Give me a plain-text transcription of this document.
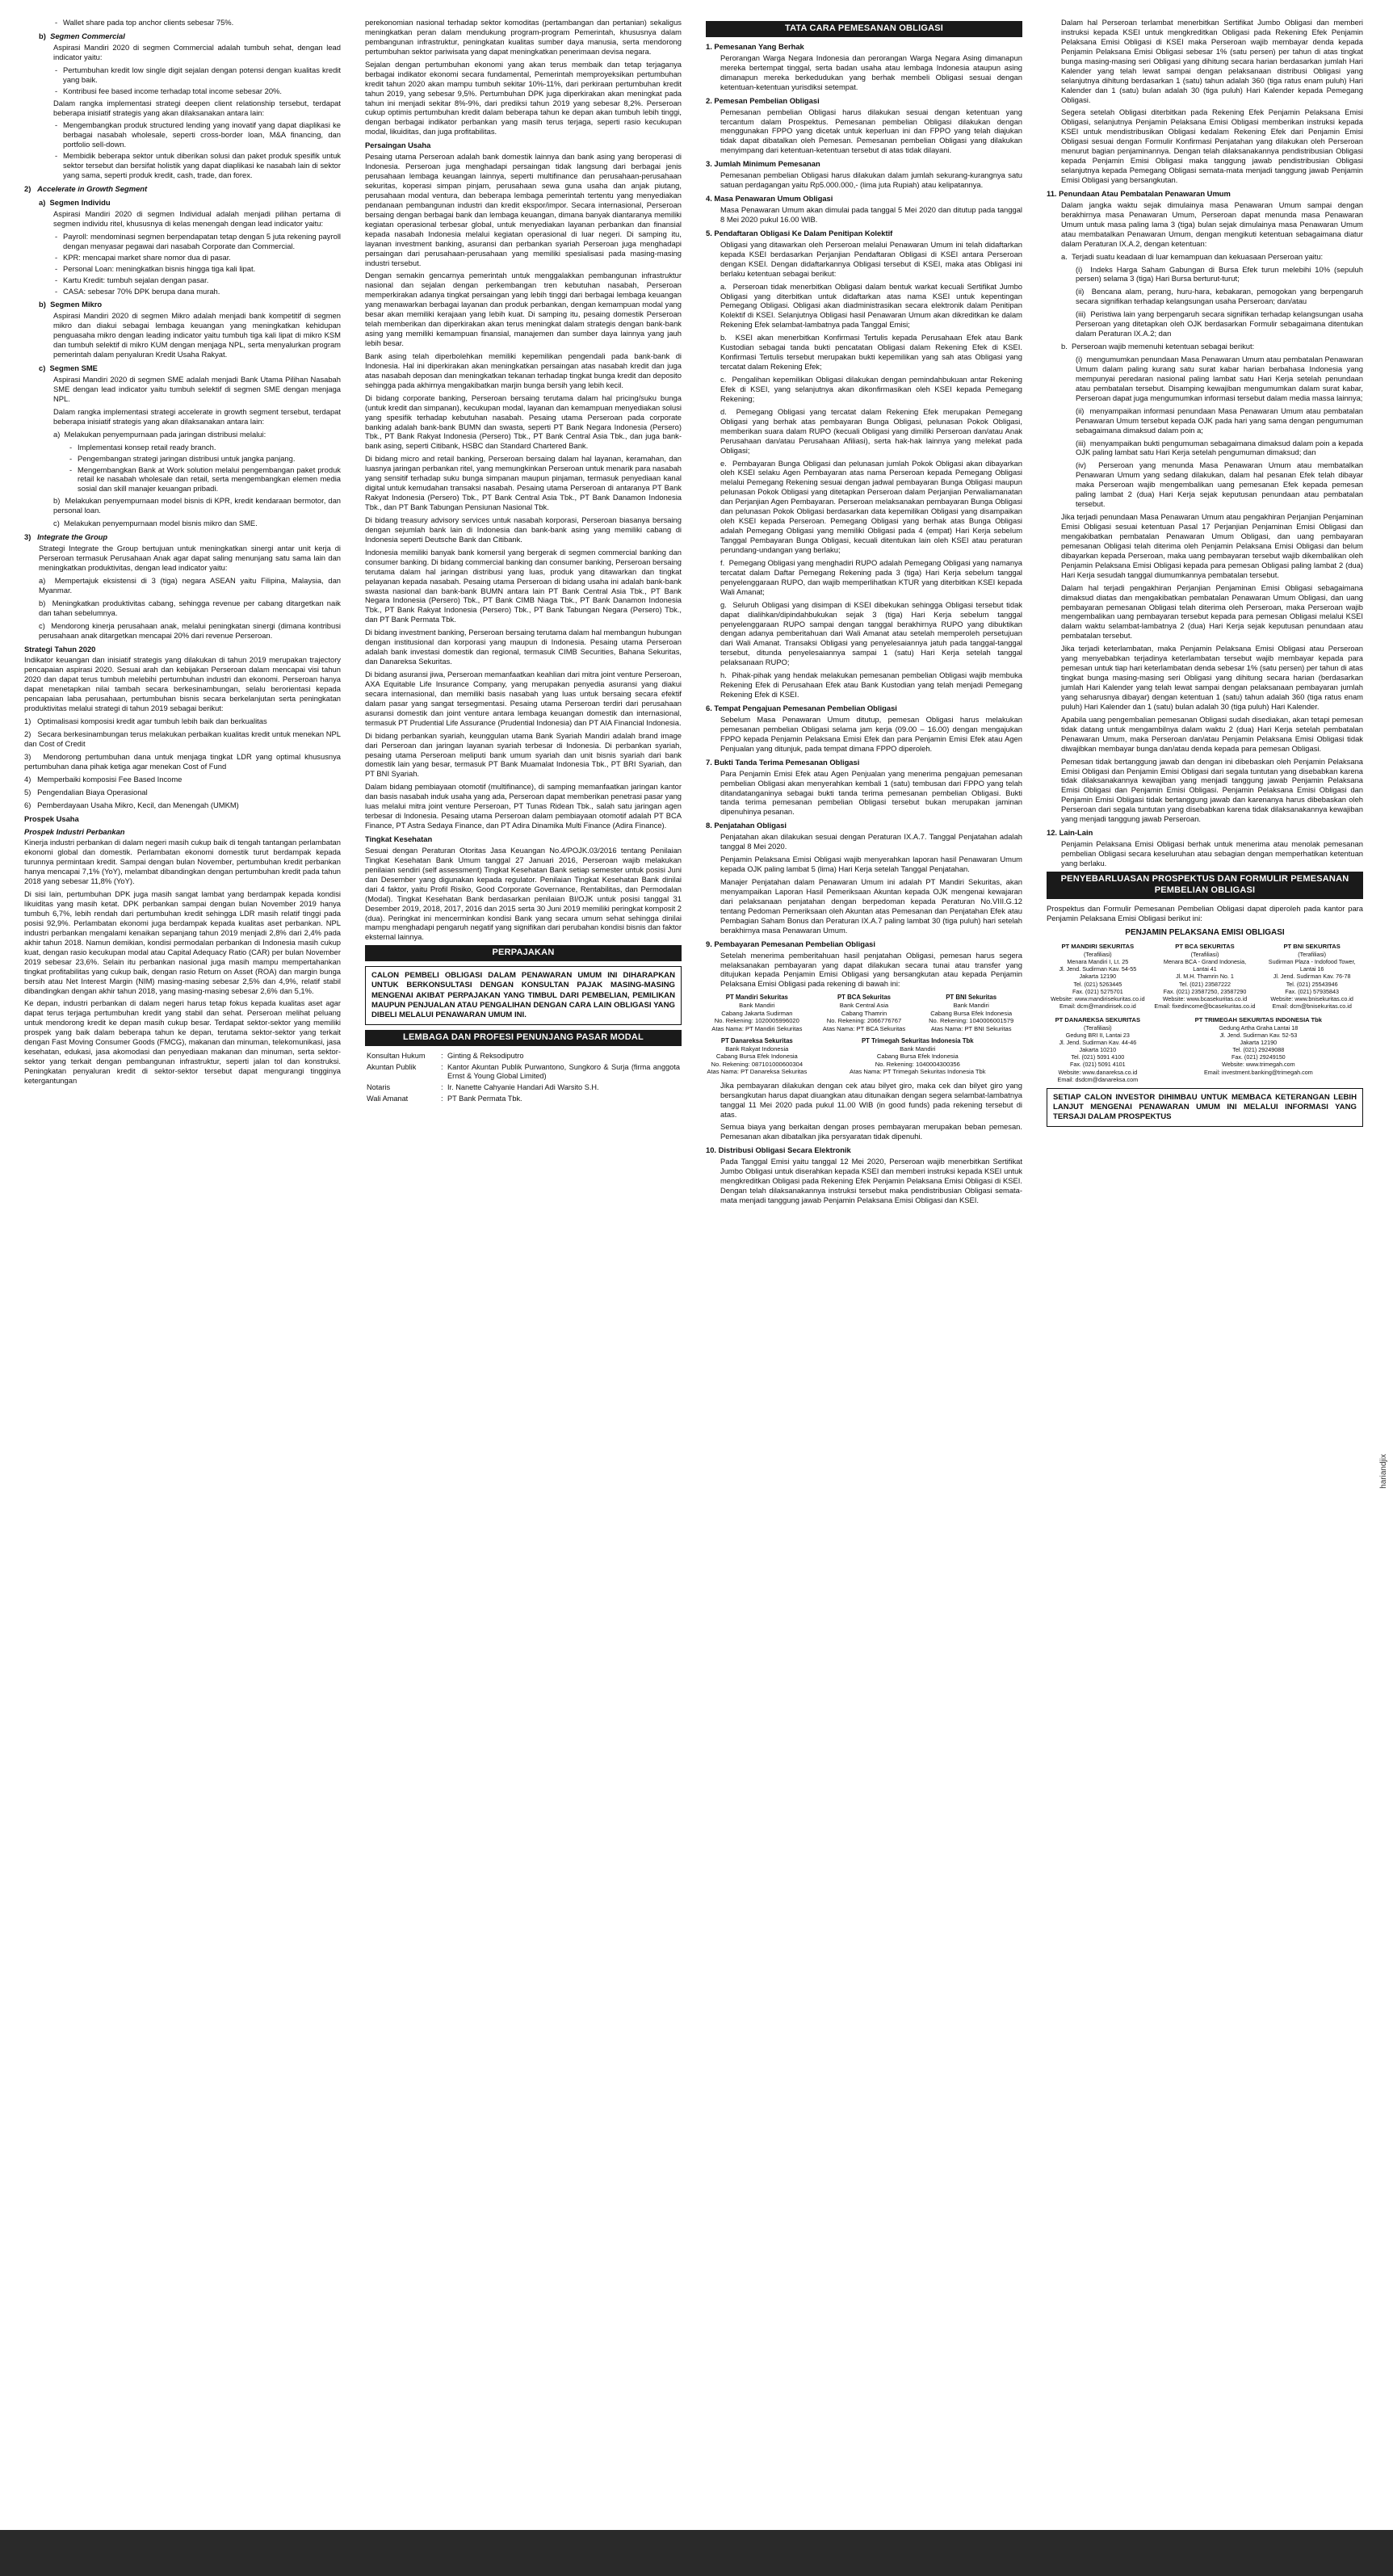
- Wallet share pada top anchor clients sebesar 75%.

b)  Segmen Commercial

Aspirasi Mandiri 2020 di segmen Commercial adalah tumbuh sehat, dengan lead indicator yaitu:

- Pertumbuhan kredit low single digit sejalan dengan potensi dengan kualitas kredit yang baik.
- Kontribusi fee based income terhadap total income sebesar 20%.

Dalam rangka implementasi strategi deepen client relationship tersebut, terdapat beberapa inisiatif strategis yang akan dilaksanakan antara lain:

- Mengembangkan produk structured lending yang inovatif yang dapat diaplikasi ke berbagai nasabah wholesale, seperti cross-border loan, M&A financing, dan portfolio sell-down.
- Membidik beberapa sektor untuk diberikan solusi dan paket produk spesifik untuk sektor tersebut dan bersifat holistik yang dapat diaplikasi ke nasabah lain di sektor yang sama, seperti produk kredit, cash, trade, dan forex.

2)   Accelerate in Growth Segment

a)  Segmen Individu

Aspirasi Mandiri 2020 di segmen Individual adalah menjadi pilihan pertama di segmen individu ritel, khususnya di kelas menengah dengan lead indicator yaitu:

- Payroll: mendominasi segmen berpendapatan tetap dengan 5 juta rekening payroll dengan menyasar pegawai dari nasabah Corporate dan Commercial.
- KPR: mencapai market share nomor dua di pasar.
- Personal Loan: meningkatkan bisnis hingga tiga kali lipat.
- Kartu Kredit: tumbuh sejalan dengan pasar.
- CASA: sebesar 70% DPK berupa dana murah.

b)  Segmen Mikro

Aspirasi Mandiri 2020 di segmen Mikro adalah menjadi bank kompetitif di segmen mikro dan diakui sebagai lembaga keuangan yang meningkatkan kehidupan penguasaha mikro dengan leading indicator yaitu tumbuh tiga kali lipat di mikro KSM dan tumbuh selektif di mikro KUM dengan menjaga NPL, serta menyalurkan program pemerintah dalam penyaluran Kredit Usaha Rakyat.

c)  Segmen SME

Aspirasi Mandiri 2020 di segmen SME adalah menjadi Bank Utama Pilihan Nasabah SME dengan lead indicator yaitu tumbuh selektif di segmen SME dengan menjaga NPL.

Dalam rangka implementasi strategi accelerate in growth segment tersebut, terdapat beberapa inisiatif strategis yang akan dilaksanakan antara lain:

a)  Melakukan penyempurnaan pada jaringan distribusi melalui:

- Implementasi konsep retail ready branch.
- Pengembangan strategi jaringan distribusi untuk jangka panjang.
- Mengembangkan Bank at Work solution melalui pengembangan paket produk retail ke nasabah wholesale dan retail, serta mengembangkan elemen media sosial dan skill manajer keuangan pribadi.

b)  Melakukan penyempurnaan model bisnis di KPR, kredit kendaraan bermotor, dan personal loan.

c)  Melakukan penyempurnaan model bisnis mikro dan SME.

3)   Integrate the Group

Strategi Integrate the Group bertujuan untuk meningkatkan sinergi antar unit kerja di Perseroan termasuk Perusahaan Anak agar dapat saling menunjang satu sama lain dan meningkatkan produktivitas, dengan lead indicator yaitu:

a)  Mempertajuk eksistensi di 3 (tiga) negara ASEAN yaitu Filipina, Malaysia, dan Myanmar.

b)  Meningkatkan produktivitas cabang, sehingga revenue per cabang ditargetkan naik dan tahan sebelumnya.

c)  Mendorong kinerja perusahaan anak, melalui peningkatan sinergi (dimana kontribusi perusahaan anak ditargetkan mencapai 20% dari revenue Perseroan.

Strategi Tahun 2020

Indikator keuangan dan inisiatif strategis yang dilakukan di tahun 2019 merupakan trajectory pencapaian aspirasi 2020. Sesuai arah dan kebijakan Perseroan dalam mencapai visi tahun 2020 dan dapat terus tumbuh melebihi pertumbuhan industri dan ekonomi. Perseroan hanya dapat menetapkan nilai tambah secara berkesinambungan, selalu berorientasi kepada pencapaian laba perusahaan, pertumbuhan bisnis secara berkelanjutan serta peningkatan produktivitas melalui strategi di tahun 2019 sebagai berikut:

1)   Optimalisasi komposisi kredit agar tumbuh lebih baik dan berkualitas

2)   Secara berkesinambungan terus melakukan perbaikan kualitas kredit untuk menekan NPL dan Cost of Credit

3)   Mendorong pertumbuhan dana untuk menjaga tingkat LDR yang optimal khususnya pertumbuhan dana pihak ketiga agar menekan Cost of Fund

4)   Memperbaiki komposisi Fee Based Income

5)   Pengendalian Biaya Operasional

6)   Pemberdayaan Usaha Mikro, Kecil, dan Menengah (UMKM)

Prospek Usaha

Prospek Industri Perbankan

Kinerja industri perbankan di dalam negeri masih cukup baik di tengah tantangan perlambatan ekonomi global dan domestik. Perlambatan ekonomi domestik turut berdampak kepada turunnya permintaan kredit. Sampai dengan bulan November, pertumbuhan kredit perbankan hanya mencapai 7,1% (YoY), melambat dibandingkan dengan pertumbuhan kredit pada tahun 2018 yang sebesar 11,8% (YoY).

Di sisi lain, pertumbuhan DPK juga masih sangat lambat yang berdampak kepada kondisi likuiditas yang masih ketat. DPK perbankan sampai dengan bulan November 2019 hanya tumbuh 6,7%, lebih rendah dari pertumbuhan kredit sehingga LDR masih relatif tinggi pada posisi 92,9%. Perlambatan ekonomi juga berdampak kepada kualitas aset perbankan. NPL industri perbankan mengalami kenaikan sepanjang tahun 2019 menjadi 2,8% dari 2,4% pada akhir tahun 2018. Namun demikian, kondisi permodalan perbankan di Indonesia masih cukup kuat, dengan rasio kecukupan modal atau Capital Adequacy Ratio (CAR) per bulan November 2019 sebesar 23,6%. Selain itu perbankan nasional juga masih mampu mempertahankan tingkat profitabilitas yang cukup baik, dengan rasio Return on Asset (ROA) dan margin bunga bersih atau Net Interest Margin (NIM) masing-masing sebesar 2,5% dan 4,9%, relatif stabil dibandingkan dengan akhir tahun 2018, yang masing-masing sebesar 2,6% dan 5,1%.

Ke depan, industri perbankan di dalam negeri harus tetap fokus kepada kualitas aset agar dapat terus terjaga pertumbuhan kredit yang stabil dan sehat. Perseroan melihat peluang untuk mendorong kredit ke depan masih cukup besar. Terdapat sektor-sektor yang memiliki prospek yang baik dalam beberapa tahun ke depan, terutama sektor-sektor yang terkait dengan Fast Moving Consumer Goods (FMCG), makanan dan minuman, telekomunikasi, jasa kesehatan, edukasi, jasa akomodasi dan penyediaan makanan dan minuman, serta sektor-sektor yang terkait dengan pembangunan infrastruktur, seperti jalan tol dan konstruksi. Peningkatan penyaluran kredit di sektor-sektor tersebut dapat mengurangi tingginya ketergantungan

perekonomian nasional terhadap sektor komoditas (pertambangan dan pertanian) sekaligus meningkatkan peran dalam mendukung program-program Pemerintah, khususnya dalam pembangunan infrastruktur, peningkatan kualitas sumber daya manusia, serta mendorong pertumbuhan sektor pariwisata yang dapat meningkatkan penerimaan devisa negara.

Sejalan dengan pertumbuhan ekonomi yang akan terus membaik dan tetap terjaganya berbagai indikator ekonomi secara fundamental, Pemerintah memproyeksikan pertumbuhan kredit tahun 2020 akan mampu tumbuh sekitar 10%-11%, dari perkiraan pertumbuhan kredit tahun 2019, yang sebesar 9,5%. Pertumbuhan DPK juga diperkirakan akan meningkat pada tahun ini menjadi sekitar 8%-9%, dari prediksi tahun 2019 yang sebesar 8,2%. Perseroan cukup optimis pertumbuhan kredit dalam beberapa tahun ke depan akan tumbuh lebih tinggi, dengan berbagai indikator perbankan yang masih terus terjaga, seperti rasio kecukupan modal, likuiditas, dan juga profitabilitas.

Persaingan Usaha

Pesaing utama Perseroan adalah bank domestik lainnya dan bank asing yang beroperasi di Indonesia. Perseroan juga menghadapi persaingan tidak langsung dari berbagai jenis perusahaan lembaga keuangan lainnya, seperti multifinance dan perusahaan-perusahaan sekuritas, koperasi simpan pinjam, perusahaan sewa guna usaha dan anjak piutang, perusahaan modal ventura, dan beberapa lembaga pemerintah tertentu yang menyediakan pendanaan pembangunan industri dan kredit ekspor/impor. Secara internasional, Perseroan bersaing dengan berbagai bank dan lembaga keuangan, dimana banyak diantaranya memiliki kegiatan operasional terbesar global, untuk menyediakan layanan perbankan dan finansial kepada nasabah Indonesia melalui kegiatan operasional di luar negeri. Di samping itu, layanan investment banking, asuransi dan perbankan syariah Perseroan juga menghadapi persaingan dari perusahaan-perusahaan yang memiliki spesialisasi pada masing-masing industri tersebut.

Dengan semakin gencarnya pemerintah untuk menggalakkan pembangunan infrastruktur nasional dan sejalan dengan perkembangan tren kebutuhan nasabah, Perseroan memperkirakan adanya tingkat persaingan yang lebih tinggi dari berbagai lembaga keuangan yang menawarkan berbagai layanan dan produk perbankan, dengan kemampuan modal yang besar akan memiliki kerajaan yang lebih kuat. Di samping itu, pesaing domestik Perseroan telah memberikan dan diperkirakan akan terus meningkat dalam strategis dengan bank-bank asing yang memiliki kemampuan finansial, manajemen dan sumber daya lainnya yang jauh lebih besar.

Bank asing telah diperbolehkan memiliki kepemilikan pengendali pada bank-bank di Indonesia. Hal ini diperkirakan akan meningkatkan persaingan atas nasabah kredit dan juga atas nasabah deposan dan meningkatkan tekanan terhadap tingkat bunga kredit dan deposito sehingga pada akhirnya mengakibatkan marjin bunga bersih yang lebih kecil.

Di bidang corporate banking, Perseroan bersaing terutama dalam hal pricing/suku bunga (untuk kredit dan simpanan), kecukupan modal, layanan dan kemampuan menyediakan solusi yang spesifik terhadap kebutuhan nasabah. Pesaing utama Perseroan pada corporate banking adalah bank-bank BUMN dan swasta, seperti PT Bank Negara Indonesia (Persero) Tbk., PT Bank Rakyat Indonesia (Persero) Tbk., PT Bank Central Asia Tbk., dan juga bank-bank asing, seperti Citibank, HSBC dan Standard Chartered Bank.

Di bidang micro and retail banking, Perseroan bersaing dalam hal layanan, keramahan, dan luasnya jaringan perbankan ritel, yang memungkinkan Perseroan untuk menarik para nasabah yang sensitif terhadap suku bunga simpanan maupun pinjaman, termasuk penyediaan kanal digital untuk kemudahan transaksi nasabah. Pesaing utama Perseroan di antaranya PT Bank Rakyat Indonesia (Persero) Tbk., PT Bank Central Asia Tbk., PT Bank Danamon Indonesia Tbk., dan PT Bank Tabungan Pensiunan Nasional Tbk.

Di bidang treasury advisory services untuk nasabah korporasi, Perseroan biasanya bersaing dengan sejumlah bank lain di Indonesia dan bank-bank asing yang memiliki cabang di Indonesia seperti Deutsche Bank dan Citibank.

Indonesia memiliki banyak bank komersil yang bergerak di segmen commercial banking dan consumer banking. Di bidang commercial banking dan consumer banking, Perseroan bersaing terutama dalam hal jaringan distribusi yang luas, produk yang ditawarkan dan tingkat pelayanan kepada nasabah. Pesaing utama Perseroan di bidang usaha ini adalah bank-bank swasta nasional dan bank-bank BUMN antara lain PT Bank Central Asia Tbk., PT Bank Negara Indonesia (Persero) Tbk., PT Bank CIMB Niaga Tbk., PT Bank Danamon Indonesia Tbk., PT Bank Rakyat Indonesia (Persero) Tbk., PT Bank Tabungan Negara (Persero) Tbk., dan PT Bank Permata Tbk.

Di bidang investment banking, Perseroan bersaing terutama dalam hal membangun hubungan dengan institusional dan korporasi yang maupun di Indonesia. Pesaing utama Perseroan adalah bank investasi domestik dan regional, termasuk CIMB Securities, Bahana Sekuritas, dan Danareksa Sekuritas.

Di bidang asuransi jiwa, Perseroan memanfaatkan keahlian dari mitra joint venture Perseroan, AXA Equitable Life Insurance Company, yang merupakan penyedia asuransi yang diakui secara internasional, dan memiliki basis nasabah yang luas untuk bersaing secara efektif dalam pasar yang sangat tersegmentasi. Pesaing utama Perseroan terdiri dari perusahaan asuransi domestik dan joint venture antara lembaga keuangan domestik dan internasional, termasuk PT Prudential Life Assurance (Prudential Indonesia) dan PT AIA Financial Indonesia.

Di bidang perbankan syariah, keunggulan utama Bank Syariah Mandiri adalah brand image dari Perseroan dan jaringan layanan syariah terbesar di Indonesia. Di perbankan syariah, pesaing utama Perseroan meliputi bank umum syariah dan unit bisnis syariah dari bank domestik lain yang besar, termasuk PT Bank Muamalat Indonesia Tbk., PT BRI Syariah, dan PT BNI Syariah.

Dalam bidang pembiayaan otomotif (multifinance), di samping memanfaatkan jaringan kantor dan basis nasabah induk usaha yang ada, Perseroan dapat memberikan penetrasi pasar yang luas melalui mitra joint venture Perseroan, PT Tunas Ridean Tbk., salah satu jaringan agen terbesar di Indonesia. Pesaing utama Perseroan dalam pembiayaan otomotif adalah PT BCA Finance, PT Astra Sedaya Finance, dan PT Adira Dinamika Multi Finance (Adira Finance).

Tingkat Kesehatan

Sesuai dengan Peraturan Otoritas Jasa Keuangan No.4/POJK.03/2016 tentang Penilaian Tingkat Kesehatan Bank Umum tanggal 27 Januari 2016, Perseroan wajib melakukan penilaian sendiri (self assessment) Tingkat Kesehatan Bank setiap semester untuk posisi Juni dan Desember yang digunakan kepada regulator. Penilaian Tingkat Kesehatan Bank dinilai dari 4 faktor, yaitu Profil Risiko, Good Corporate Governance, Rentabilitas, dan Permodalan (Modal). Tingkat Kesehatan Bank berdasarkan penilaian BI/OJK untuk posisi tanggal 31 Desember 2019, 2018, 2017, 2016 dan 2015 serta 30 Juni 2019 memiliki peringkat komposit 2 (dua). Peringkat ini mencerminkan kondisi Bank yang secara umum sehat sehingga dinilai mampu menghadapi pengaruh negatif yang signifikan dari perubahan kondisi bisnis dan faktor eksternal lainnya.

PERPAJAKAN
CALON PEMBELI OBLIGASI DALAM PENAWARAN UMUM INI DIHARAPKAN UNTUK BERKONSULTASI DENGAN KONSULTAN PAJAK MASING-MASING MENGENAI AKIBAT PERPAJAKAN YANG TIMBUL DARI PEMBELIAN, PEMILIKAN MAUPUN PENJUALAN ATAU PENGALIHAN DENGAN CARA LAIN OBLIGASI YANG DIBELI MELALUI PENAWARAN UMUM INI.
LEMBAGA DAN PROFESI PENUNJANG PASAR MODAL
Konsultan Hukum	:	Ginting & Reksodiputro
Akuntan Publik	:	Kantor Akuntan Publik Purwantono, Sungkoro & Surja (firma anggota Ernst & Young Global Limited)
Notaris	:	Ir. Nanette Cahyanie Handari Adi Warsito S.H.
Wali Amanat	:	PT Bank Permata Tbk.
TATA CARA PEMESANAN OBLIGASI

1. Pemesanan Yang Berhak

Perorangan Warga Negara Indonesia dan perorangan Warga Negara Asing dimanapun mereka bertempat tinggal, serta badan usaha atau lembaga Indonesia ataupun asing dimanapun mereka berkedudukan yang berhak membeli Obligasi sesuai dengan ketentuan-ketentuan yurisdiksi setempat.

2. Pemesan Pembelian Obligasi

Pemesanan pembelian Obligasi harus dilakukan sesuai dengan ketentuan yang tercantum dalam Prospektus. Pemesanan pembelian Obligasi dilakukan dengan menggunakan FPPO yang dicetak untuk keperluan ini dan FPPO yang telah diajukan tidak dapat dibatalkan oleh Pemesan. Pemesanan pembelian Obligasi yang dilakukan menyimpang dari ketentuan-ketentuan tersebut di atas tidak dilayani.

3. Jumlah Minimum Pemesanan

Pemesanan pembelian Obligasi harus dilakukan dalam jumlah sekurang-kurangnya satu satuan perdagangan yaitu Rp5.000.000,- (lima juta Rupiah) atau kelipatannya.

4. Masa Penawaran Umum Obligasi

Masa Penawaran Umum akan dimulai pada tanggal 5 Mei 2020 dan ditutup pada tanggal 8 Mei 2020 pukul 16.00 WIB.

5. Pendaftaran Obligasi Ke Dalam Penitipan Kolektif

Obligasi yang ditawarkan oleh Perseroan melalui Penawaran Umum ini telah didaftarkan kepada KSEI berdasarkan Perjanjian Pendaftaran Obligasi di KSEI antara Perseroan dengan KSEI. Dengan didaftarkannya Obligasi tersebut di KSEI, maka atas Obligasi ini berlaku ketentuan sebagai berikut:

a.  Perseroan tidak menerbitkan Obligasi dalam bentuk warkat kecuali Sertifikat Jumbo Obligasi yang diterbitkan untuk didaftarkan atas nama KSEI untuk kepentingan Pemegang Obligasi. Obligasi akan diadministrasikan secara elektronik dalam Penitipan Kolektif di KSEI. Selanjutnya Obligasi hasil Penawaran Umum akan dikreditkan ke dalam Rekening Efek selambat-lambatnya pada Tanggal Emisi;

b.  KSEI akan menerbitkan Konfirmasi Tertulis kepada Perusahaan Efek atau Bank Kustodian sebagai tanda bukti pencatatan Obligasi dalam Rekening Efek di KSEI. Konfirmasi Tertulis tersebut merupakan bukti kepemilikan yang sah atas Obligasi yang tercatat dalam Rekening Efek;

c.  Pengalihan kepemilikan Obligasi dilakukan dengan pemindahbukuan antar Rekening Efek di KSEI, yang selanjutnya akan dikonfirmasikan oleh KSEI kepada Pemegang Rekening;

d.  Pemegang Obligasi yang tercatat dalam Rekening Efek merupakan Pemegang Obligasi yang berhak atas pembayaran Bunga Obligasi, pelunasan Pokok Obligasi, memberikan suara dalam RUPO (kecuali Obligasi yang dimiliki Perseroan dan/atau Anak Perusahaan dan/atau Perusahaan Afiliasi), serta hak-hak lainnya yang melekat pada Obligasi;

e.  Pembayaran Bunga Obligasi dan pelunasan jumlah Pokok Obligasi akan dibayarkan oleh KSEI selaku Agen Pembayaran atas nama Perseroan kepada Pemegang Obligasi melalui Pemegang Rekening sesuai dengan jadwal pembayaran Bunga Obligasi maupun pelunasan Pokok Obligasi yang ditetapkan Perseroan dalam Perjanjian Perwaliamanatan dan Perjanjian Agen Pembayaran. Perseroan melaksanakan pembayaran Bunga Obligasi dan pelunasan Pokok Obligasi berdasarkan data kepemilikan Obligasi yang disampaikan oleh KSEI kepada Perseroan. Pemegang Obligasi yang berhak atas Bunga Obligasi adalah Pemegang Obligasi yang memiliki Obligasi pada 4 (empat) Hari Kerja sebelum Tanggal Pembayaran Bunga Obligasi, kecuali ditentukan lain oleh KSEI atau peraturan perundang-undangan yang berlaku;

f.  Pemegang Obligasi yang menghadiri RUPO adalah Pemegang Obligasi yang namanya tercatat dalam Daftar Pemegang Rekening pada 3 (tiga) Hari Kerja sebelum tanggal penyelenggaraan RUPO, dan wajib memperlihatkan KTUR yang diterbitkan KSEI kepada Wali Amanat;

g.  Seluruh Obligasi yang disimpan di KSEI dibekukan sehingga Obligasi tersebut tidak dapat dialihkan/dipindahbukukan sejak 3 (tiga) Hari Kerja sebelum tanggal penyelenggaraan RUPO sampai dengan tanggal berakhirnya RUPO yang dibuktikan dengan adanya pemberitahuan dari Wali Amanat atau setelah memperoleh persetujuan dari Wali Amanat. Transaksi Obligasi yang penyelesaiannya jatuh pada tanggal-tanggal tersebut, ditunda penyelesaiannya sampai 1 (satu) Hari Kerja setelah tanggal pelaksanaan RUPO;

h.  Pihak-pihak yang hendak melakukan pemesanan pembelian Obligasi wajib membuka Rekening Efek di Perusahaan Efek atau Bank Kustodian yang telah menjadi Pemegang Rekening Efek di KSEI.

6. Tempat Pengajuan Pemesanan Pembelian Obligasi

Sebelum Masa Penawaran Umum ditutup, pemesan Obligasi harus melakukan pemesanan pembelian Obligasi selama jam kerja (09.00 – 16.00) dengan mengajukan FPPO kepada Penjamin Pelaksana Emisi Efek dan para Penjamin Emisi Efek atau Agen Penjualan yang ditunjuk, pada tempat dimana FPPO diperoleh.

7. Bukti Tanda Terima Pemesanan Obligasi

Para Penjamin Emisi Efek atau Agen Penjualan yang menerima pengajuan pemesanan pembelian Obligasi akan menyerahkan kembali 1 (satu) tembusan dari FPPO yang telah ditandatanganinya sebagai bukti tanda terima pemesanan pembelian Obligasi. Bukti tanda terima pemesanan pembelian Obligasi tersebut bukan merupakan jaminan dipenuhinya pesanan.

8. Penjatahan Obligasi

Penjatahan akan dilakukan sesuai dengan Peraturan IX.A.7. Tanggal Penjatahan adalah tanggal 8 Mei 2020.

Penjamin Pelaksana Emisi Obligasi wajib menyerahkan laporan hasil Penawaran Umum kepada OJK paling lambat 5 (lima) Hari Kerja setelah Tanggal Penjatahan.

Manajer Penjatahan dalam Penawaran Umum ini adalah PT Mandiri Sekuritas, akan menyampaikan Laporan Hasil Pemeriksaan Akuntan kepada OJK mengenai kewajaran dari pelaksanaan penjatahan dengan berpedoman kepada Peraturan No.VIII.G.12 tentang Pedoman Pemeriksaan oleh Akuntan atas Pemesanan dan Penjatahan Efek atau Pembagian Saham Bonus dan Peraturan IX.A.7 paling lambat 30 (tiga puluh) hari setelah berakhirnya masa Penawaran Umum.

9. Pembayaran Pemesanan Pembelian Obligasi

Setelah menerima pemberitahuan hasil penjatahan Obligasi, pemesan harus segera melaksanakan pembayaran yang dapat dilakukan secara tunai atau transfer yang ditujukan kepada Penjamin Emisi Obligasi yang bersangkutan atau kepada Penjamin Pelaksana Emisi Obligasi pada rekening di bawah ini:

PT Mandiri Sekuritas
Bank Mandiri
Cabang Jakarta Sudirman
No. Rekening: 1020005996020
Atas Nama: PT Mandiri Sekuritas
PT BCA Sekuritas
Bank Central Asia
Cabang Thamrin
No. Rekening: 2066776767
Atas Nama: PT BCA Sekuritas
PT BNI Sekuritas
Bank Mandiri
Cabang Bursa Efek Indonesia
No. Rekening: 1040006001579
Atas Nama: PT BNI Sekuritas
PT Danareksa Sekuritas
Bank Rakyat Indonesia
Cabang Bursa Efek Indonesia
No. Rekening: 087101000600304
Atas Nama: PT Danareksa Sekuritas
PT Trimegah Sekuritas Indonesia Tbk
Bank Mandiri
Cabang Bursa Efek Indonesia
No. Rekening: 1040004300356
Atas Nama: PT Trimegah Sekuritas Indonesia Tbk

Jika pembayaran dilakukan dengan cek atau bilyet giro, maka cek dan bilyet giro yang bersangkutan harus dapat diuangkan atau ditunaikan dengan segera selambat-lambatnya tanggal 11 Mei 2020 pada pukul 11.00 WIB (in good funds) pada rekening tersebut di atas.

Semua biaya yang berkaitan dengan proses pembayaran merupakan beban pemesan. Pemesanan akan dibatalkan jika persyaratan tidak dipenuhi.

10. Distribusi Obligasi Secara Elektronik

Pada Tanggal Emisi yaitu tanggal 12 Mei 2020, Perseroan wajib menerbitkan Sertifikat Jumbo Obligasi untuk diserahkan kepada KSEI dan memberi instruksi kepada KSEI untuk mengkreditkan Obligasi pada Rekening Efek Penjamin Pelaksana Emisi Obligasi di KSEI. Dengan telah dilaksanakannya instruksi tersebut maka pendistribusian Obligasi semata-mata menjadi tanggung jawab Penjamin Pelaksana Emisi Obligasi dan KSEI.

Dalam hal Perseroan terlambat menerbitkan Sertifikat Jumbo Obligasi dan memberi instruksi kepada KSEI untuk mengkreditkan Obligasi pada Rekening Efek Penjamin Pelaksana Emisi Obligasi di KSEI maka Perseroan wajib membayar denda kepada Penjamin Pelaksana Emisi Obligasi sebesar 1% (satu persen) per tahun di atas tingkat bunga masing-masing seri Obligasi yang dihitung secara harian berdasarkan jumlah Hari Kalender yang telah lewat sampai dengan pelaksanaan distribusi Obligasi yang selanjutnya dihitung berdasarkan 1 (satu) tahun adalah 360 (tiga ratus enam puluh) Hari Kalender dan 1 (satu) bulan adalah 30 (tiga puluh) Hari Kalender kepada Pemegang Obligasi.

Segera setelah Obligasi diterbitkan pada Rekening Efek Penjamin Pelaksana Emisi Obligasi, selanjutnya Penjamin Pelaksana Emisi Obligasi memberikan instruksi kepada KSEI untuk mendistribusikan Obligasi kedalam Rekening Efek dari Penjamin Emisi Obligasi sesuai dengan Formulir Konfirmasi Penjatahan yang dilakukan oleh Perseroan menurut bagian penjaminannya. Dengan telah dilaksanakannya pendistribusian Obligasi kepada Penjamin Emisi Obligasi maka tanggung jawab pendistribusian Obligasi selanjutnya kepada Pemegang Obligasi semata-mata menjadi tanggung jawab Penjamin Emisi Obligasi yang bersangkutan.

11. Penundaan Atau Pembatalan Penawaran Umum

Dalam jangka waktu sejak dimulainya masa Penawaran Umum sampai dengan berakhirnya masa Penawaran Umum, Perseroan dapat menunda masa Penawaran Umum untuk masa paling lama 3 (tiga) bulan sejak dimulainya masa Penawaran Umum atau membatalkan Penawaran Umum, dengan mengikuti ketentuan sebagaimana diatur dalam Peraturan IX.A.2, dengan ketentuan:

a.  Terjadi suatu keadaan di luar kemampuan dan kekuasaan Perseroan yaitu:

(i)  Indeks Harga Saham Gabungan di Bursa Efek turun melebihi 10% (sepuluh persen) selama 3 (tiga) Hari Bursa berturut-turut;

(ii)  Bencana alam, perang, huru-hara, kebakaran, pemogokan yang berpengaruh secara signifikan terhadap kelangsungan usaha Perseroan; dan/atau

(iii)  Peristiwa lain yang berpengaruh secara signifikan terhadap kelangsungan usaha Perseroan yang ditetapkan oleh OJK berdasarkan Formulir sebagaimana ditentukan dalam Peraturan IX.A.2; dan

b.  Perseroan wajib memenuhi ketentuan sebagai berikut:

(i)  mengumumkan penundaan Masa Penawaran Umum atau pembatalan Penawaran Umum dalam paling kurang satu surat kabar harian berbahasa Indonesia yang mempunyai peredaran nasional paling lambat satu Hari Kerja setelah penundaan atau pembatalan tersebut. Disamping kewajiban mengumumkan dalam surat kabar, Perseroan dapat juga mengumumkan informasi tersebut dalam media massa lainnya;

(ii)  menyampaikan informasi penundaan Masa Penawaran Umum atau pembatalan Penawaran Umum tersebut kepada OJK pada hari yang sama dengan pengumuman sebagaimana dimaksud dalam poin a;

(iii)  menyampaikan bukti pengumuman sebagaimana dimaksud dalam poin a kepada OJK paling lambat satu Hari Kerja setelah pengumuman dimaksud; dan

(iv)  Perseroan yang menunda Masa Penawaran Umum atau membatalkan Penawaran Umum yang sedang dilakukan, dalam hal pesanan Efek telah dibayar maka Perseroan wajib mengembalikan uang pemesanan Efek kepada pemesan paling lambat 2 (dua) Hari Kerja sejak keputusan penundaan atau pembatalan tersebut.

Jika terjadi penundaan Masa Penawaran Umum atau pengakhiran Perjanjian Penjaminan Emisi Obligasi sesuai ketentuan Pasal 17 Perjanjian Penjaminan Emisi Obligasi dan mengakibatkan pembatalan Penawaran Umum Obligasi, dan uang pembayaran pemesanan Obligasi telah diterima oleh Penjamin Pelaksana Emisi Obligasi dan belum dibayarkan kepada Perseroan, maka uang pembayaran tersebut wajib dikembalikan oleh Penjamin Pelaksana Emisi Obligasi kepada para pemesan Obligasi paling lambat 2 (dua) Hari Kerja sesudah tanggal diumumkannya pembatalan tersebut.

Dalam hal terjadi pengakhiran Perjanjian Penjaminan Emisi Obligasi sebagaimana dimaksud diatas dan mengakibatkan pembatalan Penawaran Umum Obligasi, dan uang pembayaran pemesanan Obligasi telah diterima oleh Perseroan, maka Perseroan wajib mengembalikan uang pembayaran tersebut kepada para pemesan Obligasi melalui KSEI dalam waktu selambat-lambatnya 2 (dua) Hari Kerja sejak keputusan penundaan atau pembatalan tersebut.

Jika terjadi keterlambatan, maka Penjamin Pelaksana Emisi Obligasi atau Perseroan yang menyebabkan terjadinya keterlambatan tersebut wajib membayar kepada para pemesan untuk tiap hari keterlambatan denda sebesar 1% (satu persen) per tahun di atas tingkat bunga masing-masing seri Obligasi yang dihitung secara harian (berdasarkan jumlah Hari Kalender yang telah lewat sampai dengan pelaksanaan pembayaran jumlah yang seharusnya dibayar) dengan ketentuan 1 (satu) tahun adalah 360 (tiga ratus enam puluh) Hari Kalender dan 1 (satu) bulan adalah 30 (tiga puluh) Hari Kalender.

Apabila uang pengembalian pemesanan Obligasi sudah disediakan, akan tetapi pemesan tidak datang untuk mengambilnya dalam waktu 2 (dua) Hari Kerja setelah pembatalan Penawaran Umum, maka Perseroan dan/atau Penjamin Pelaksana Emisi Obligasi tidak diwajibkan membayar bunga dan/atau denda kepada para pemesan Obligasi.

Pemesan tidak bertanggung jawab dan dengan ini dibebaskan oleh Penjamin Pelaksana Emisi Obligasi dan Penjamin Emisi Obligasi dari segala tuntutan yang disebabkan karena tidak dilaksanakannya kewajiban yang menjadi tanggung jawab Penjamin Pelaksana Emisi Obligasi dan Penjamin Emisi Obligasi. Penjamin Pelaksana Emisi Obligasi dan Penjamin Emisi Obligasi tidak bertanggung jawab dan karenanya harus dibebaskan oleh Perseroan dari segala tuntutan yang disebabkan karena tidak dilaksanakannya kewajiban yang menjadi tanggung jawab Perseroan.

12. Lain-Lain

Penjamin Pelaksana Emisi Obligasi berhak untuk menerima atau menolak pemesanan pembelian Obligasi secara keseluruhan atau sebagian dengan memperhatikan ketentuan yang berlaku.

PENYEBARLUASAN PROSPEKTUS DAN FORMULIR PEMESANAN PEMBELIAN OBLIGASI

Prospektus dan Formulir Pemesanan Pembelian Obligasi dapat diperoleh pada kantor para Penjamin Pelaksana Emisi Obligasi berikut ini:

PENJAMIN PELAKSANA EMISI OBLIGASI

PT MANDIRI SEKURITAS
(Terafiliasi)
Menara Mandiri I, Lt. 25
Jl. Jend. Sudirman Kav. 54-55
Jakarta 12190
Tel. (021) 5263445
Fax. (021) 5275701
Website: www.mandirisekuritas.co.id
Email: dcm@mandirisek.co.id
PT BCA SEKURITAS
(Terafiliasi)
Menara BCA - Grand Indonesia,
Lantai 41
Jl. M.H. Thamrin No. 1
Tel. (021) 23587222
Fax. (021) 23587250, 23587290
Website: www.bcasekuritas.co.id
Email: fixedincome@bcasekuritas.co.id
PT BNI SEKURITAS
(Terafiliasi)
Sudirman Plaza - Indofood Tower,
Lantai 16
Jl. Jend. Sudirman Kav. 76-78
Tel. (021) 25543946
Fax. (021) 57935843
Website: www.bnisekuritas.co.id
Email: dcm@bnisekuritas.co.id
PT DANAREKSA SEKURITAS
(Terafiliasi)
Gedung BRI II, Lantai 23
Jl. Jend. Sudirman Kav. 44-46
Jakarta 10210
Tel. (021) 5091 4100
Fax. (021) 5091 4101
Website: www.danareksa.co.id
Email: dsdcm@danareksa.com
PT TRIMEGAH SEKURITAS INDONESIA Tbk
Gedung Artha Graha Lantai 18
Jl. Jend. Sudirman Kav. 52-53
Jakarta 12190
Tel. (021) 29249088
Fax. (021) 29249150
Website: www.trimegah.com
Email: investment.banking@trimegah.com
SETIAP CALON INVESTOR DIHIMBAU UNTUK MEMBACA KETERANGAN LEBIH LANJUT MENGENAI PENAWARAN UMUM INI MELALUI INFORMASI YANG TERSAJI DALAM PROSPEKTUS
hariandjix
